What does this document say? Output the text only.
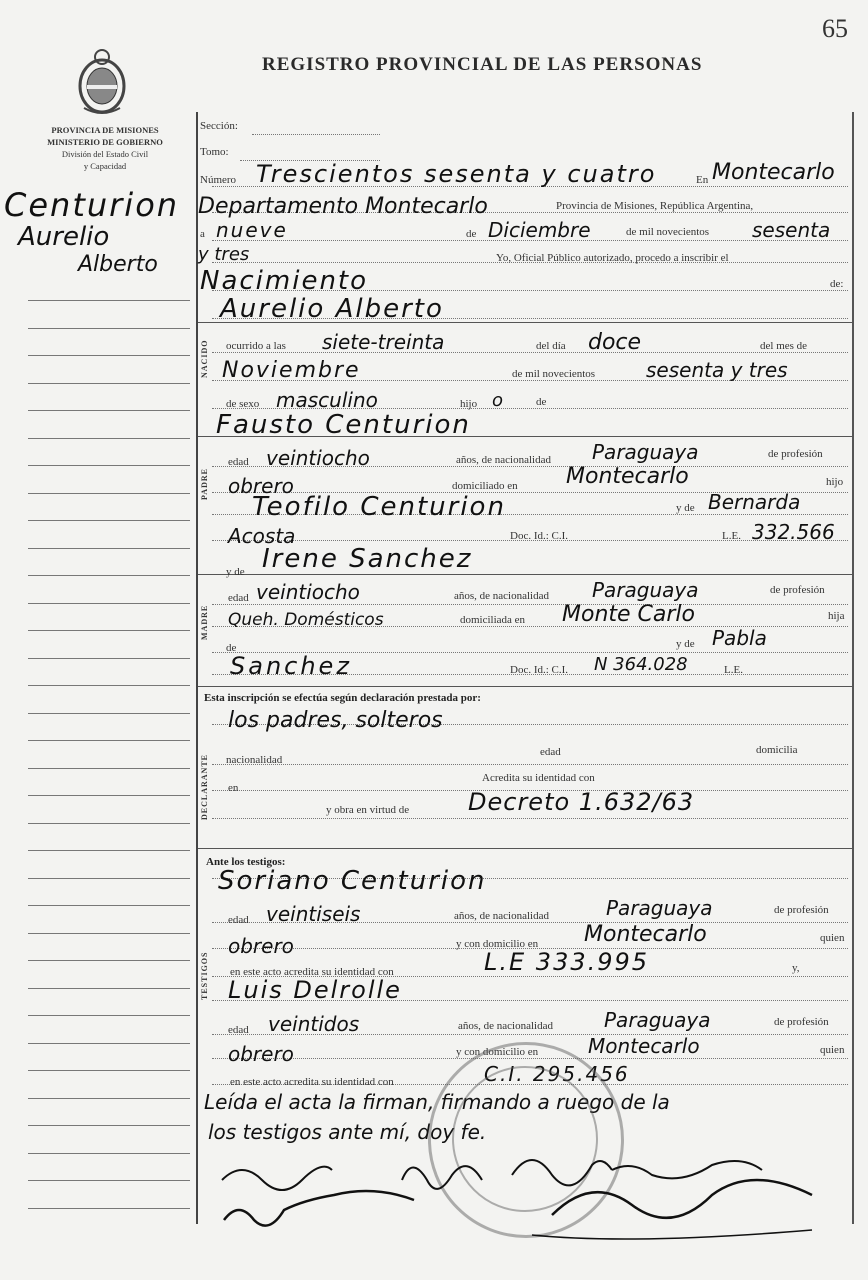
65
REGISTRO PROVINCIAL DE LAS PERSONAS
PROVINCIA DE MISIONES
MINISTERIO DE GOBIERNO
División del Estado Civil
y Capacidad
Centurion
Aurelio
Alberto
NACIDO
PADRE
MADRE
DECLARANTE
TESTIGOS
Sección:
Tomo:
Número Trescientos sesenta y cuatro	En Montecarlo
Departamento Montecarlo	Provincia de Misiones, República Argentina,
a nueve	de Diciembre	de mil novecientos sesenta
y tres	Yo, Oficial Público autorizado, procedo a inscribir el
Nacimiento	de:
Aurelio Alberto
ocurrido a las siete-treinta	del día doce	del mes de
Noviembre	de mil novecientos	sesenta y tres
de sexo masculino	hijo o	de
Fausto Centurion
edad veintiocho	años, de nacionalidad Paraguaya	de profesión
obrero	domiciliado en Montecarlo	hijo
Teofilo Centurion	y de Bernarda
Acosta	Doc. Id.: C.I.	L.E. 332.566
y de Irene Sanchez
edad veintiocho	años, de nacionalidad Paraguaya	de profesión
Queh. Domésticos	domiciliada en Monte Carlo	hija
de	y de Pabla
Sanchez	Doc. Id.: C.I. N 364.028	L.E.
Esta inscripción se efectúa según declaración prestada por:
los padres, solteros
nacionalidad
edad	domicilia
en
Acredita su identidad con
y obra en virtud de Decreto 1.632/63
Ante los testigos:
Soriano Centurion
edad veintiseis	años, de nacionalidad	Paraguaya	de profesión
obrero	y con domicilio en Montecarlo	quien
en este acto acredita su identidad con	L.E 333.995	y,
Luis Delrolle
edad veintidos	años, de nacionalidad	Paraguaya	de profesión
obrero	y con domicilio en Montecarlo	quien
en este acto acredita su identidad con	C.I. 295.456
Leída el acta la firman, firmando a ruego de la
los testigos ante mí, doy fe.
